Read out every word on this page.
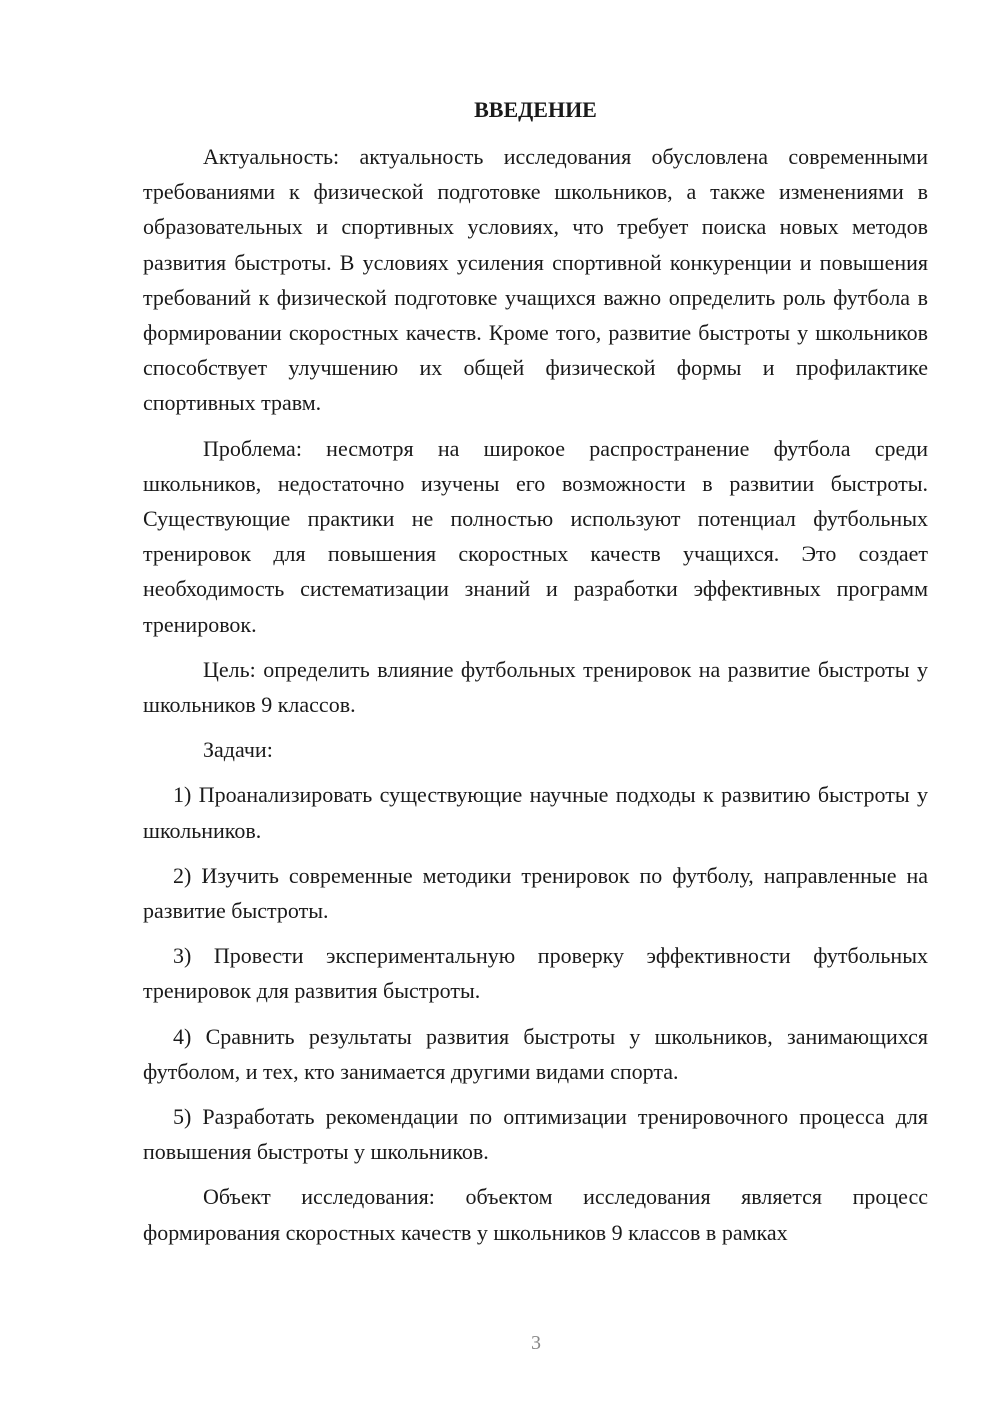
ВВЕДЕНИЕ

Актуальность: актуальность исследования обусловлена современными требованиями к физической подготовке школьников, а также изменениями в образовательных и спортивных условиях, что требует поиска новых методов развития быстроты. В условиях усиления спортивной конкуренции и повышения требований к физической подготовке учащихся важно определить роль футбола в формировании скоростных качеств. Кроме того, развитие быстроты у школьников способствует улучшению их общей физической формы и профилактике спортивных травм.

Проблема: несмотря на широкое распространение футбола среди школьников, недостаточно изучены его возможности в развитии быстроты. Существующие практики не полностью используют потенциал футбольных тренировок для повышения скоростных качеств учащихся. Это создает необходимость систематизации знаний и разработки эффективных программ тренировок.

Цель: определить влияние футбольных тренировок на развитие быстроты у школьников 9 классов.

Задачи:

1) Проанализировать существующие научные подходы к развитию быстроты у школьников.

2) Изучить современные методики тренировок по футболу, направленные на развитие быстроты.

3) Провести экспериментальную проверку эффективности футбольных тренировок для развития быстроты.

4) Сравнить результаты развития быстроты у школьников, занимающихся футболом, и тех, кто занимается другими видами спорта.

5) Разработать рекомендации по оптимизации тренировочного процесса для повышения быстроты у школьников.

Объект исследования: объектом исследования является процесс формирования скоростных качеств у школьников 9 классов в рамках

3
